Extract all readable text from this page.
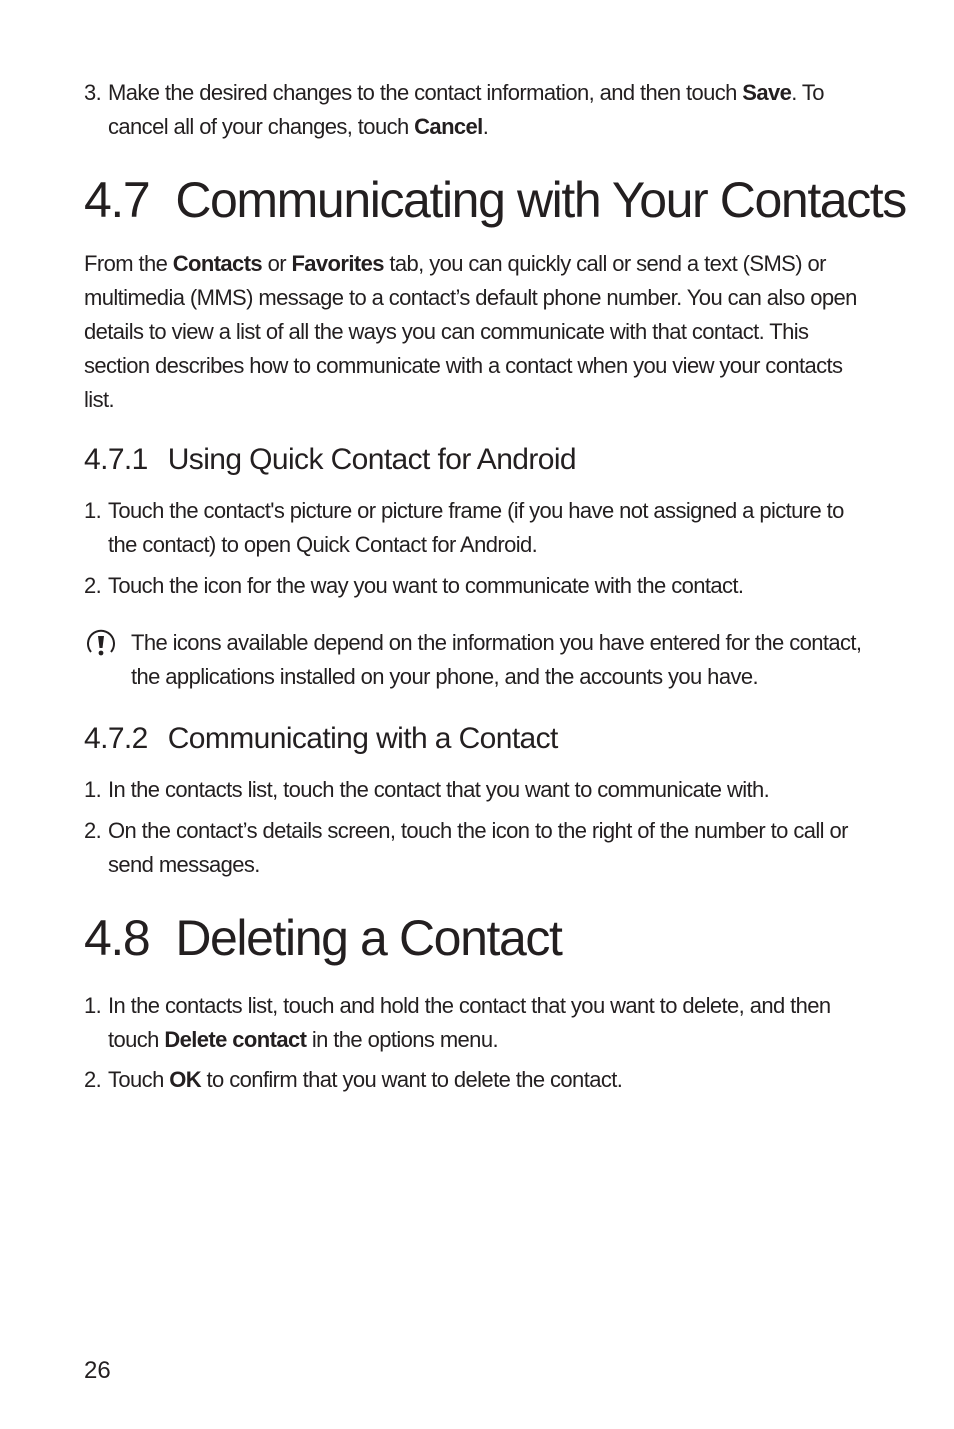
3. Make the desired changes to the contact information, and then touch Save. To cancel all of your changes, touch Cancel.
4.7 Communicating with Your Contacts

From the Contacts or Favorites tab, you can quickly call or send a text (SMS) or multimedia (MMS) message to a contact’s default phone number. You can also open details to view a list of all the ways you can communicate with that contact. This section describes how to communicate with a contact when you view your contacts list.

4.7.1 Using Quick Contact for Android
1. Touch the contact's picture or picture frame (if you have not assigned a picture to the contact) to open Quick Contact for Android.
2. Touch the icon for the way you want to communicate with the contact.
The icons available depend on the information you have entered for the contact, the applications installed on your phone, and the accounts you have.
4.7.2 Communicating with a Contact
1. In the contacts list, touch the contact that you want to communicate with.
2. On the contact’s details screen, touch the icon to the right of the number to call or send messages.
4.8 Deleting a Contact
1. In the contacts list, touch and hold the contact that you want to delete, and then touch Delete contact in the options menu.
2. Touch OK to confirm that you want to delete the contact.
26
